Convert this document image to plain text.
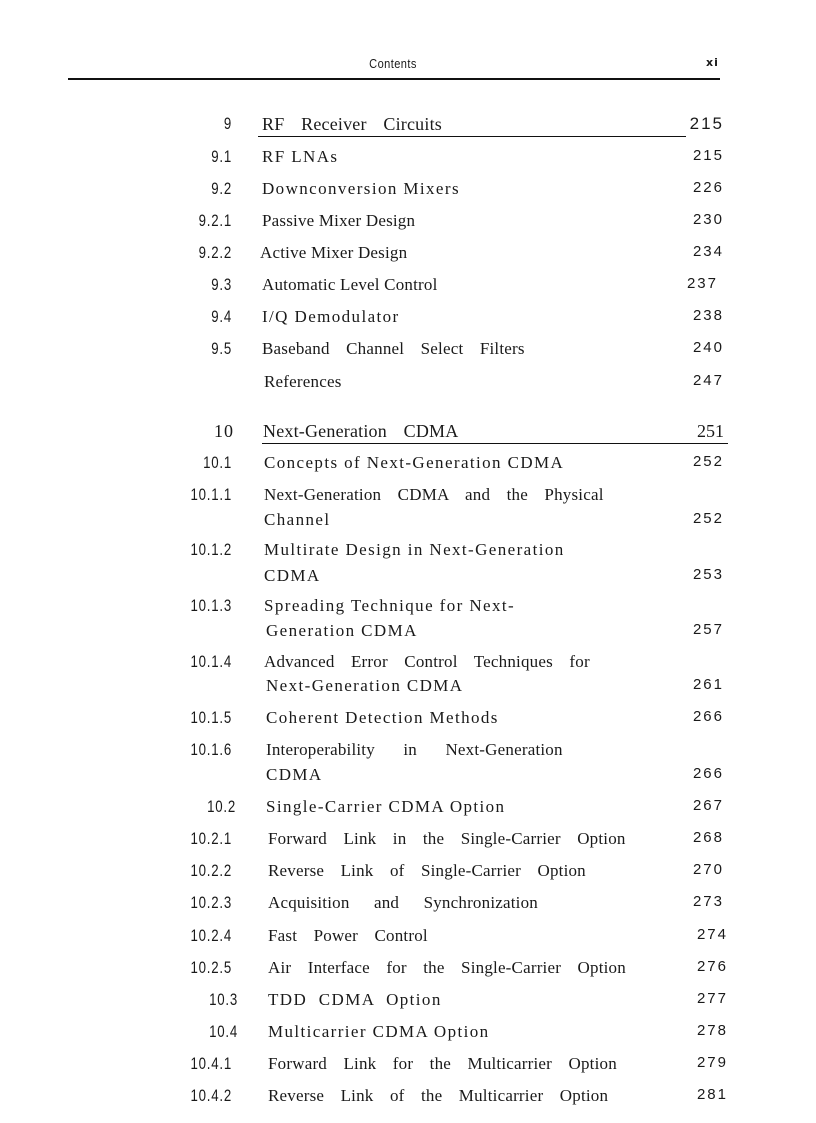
Contents	xi
9 RF Receiver Circuits	215
9.1 RF LNAs	215
9.2 Downconversion Mixers	226
9.2.1 Passive Mixer Design	230
9.2.2 Active Mixer Design	234
9.3 Automatic Level Control	237
9.4 I/Q Demodulator	238
9.5 Baseband Channel Select Filters	240
References	247
10 Next-Generation CDMA	251
10.1 Concepts of Next-Generation CDMA	252
10.1.1 Next-Generation CDMA and the Physical
Channel	252
10.1.2 Multirate Design in Next-Generation
CDMA	253
10.1.3 Spreading Technique for Next-
Generation CDMA	257
10.1.4 Advanced Error Control Techniques for
Next-Generation CDMA	261
10.1.5 Coherent Detection Methods	266
10.1.6 Interoperability in Next-Generation
CDMA	266
10.2 Single-Carrier CDMA Option	267
10.2.1 Forward Link in the Single-Carrier Option	268
10.2.2 Reverse Link of Single-Carrier Option	270
10.2.3 Acquisition and Synchronization	273
10.2.4 Fast Power Control	274
10.2.5 Air Interface for the Single-Carrier Option	276
10.3 TDD CDMA Option	277
10.4 Multicarrier CDMA Option	278
10.4.1 Forward Link for the Multicarrier Option	279
10.4.2 Reverse Link of the Multicarrier Option	281
